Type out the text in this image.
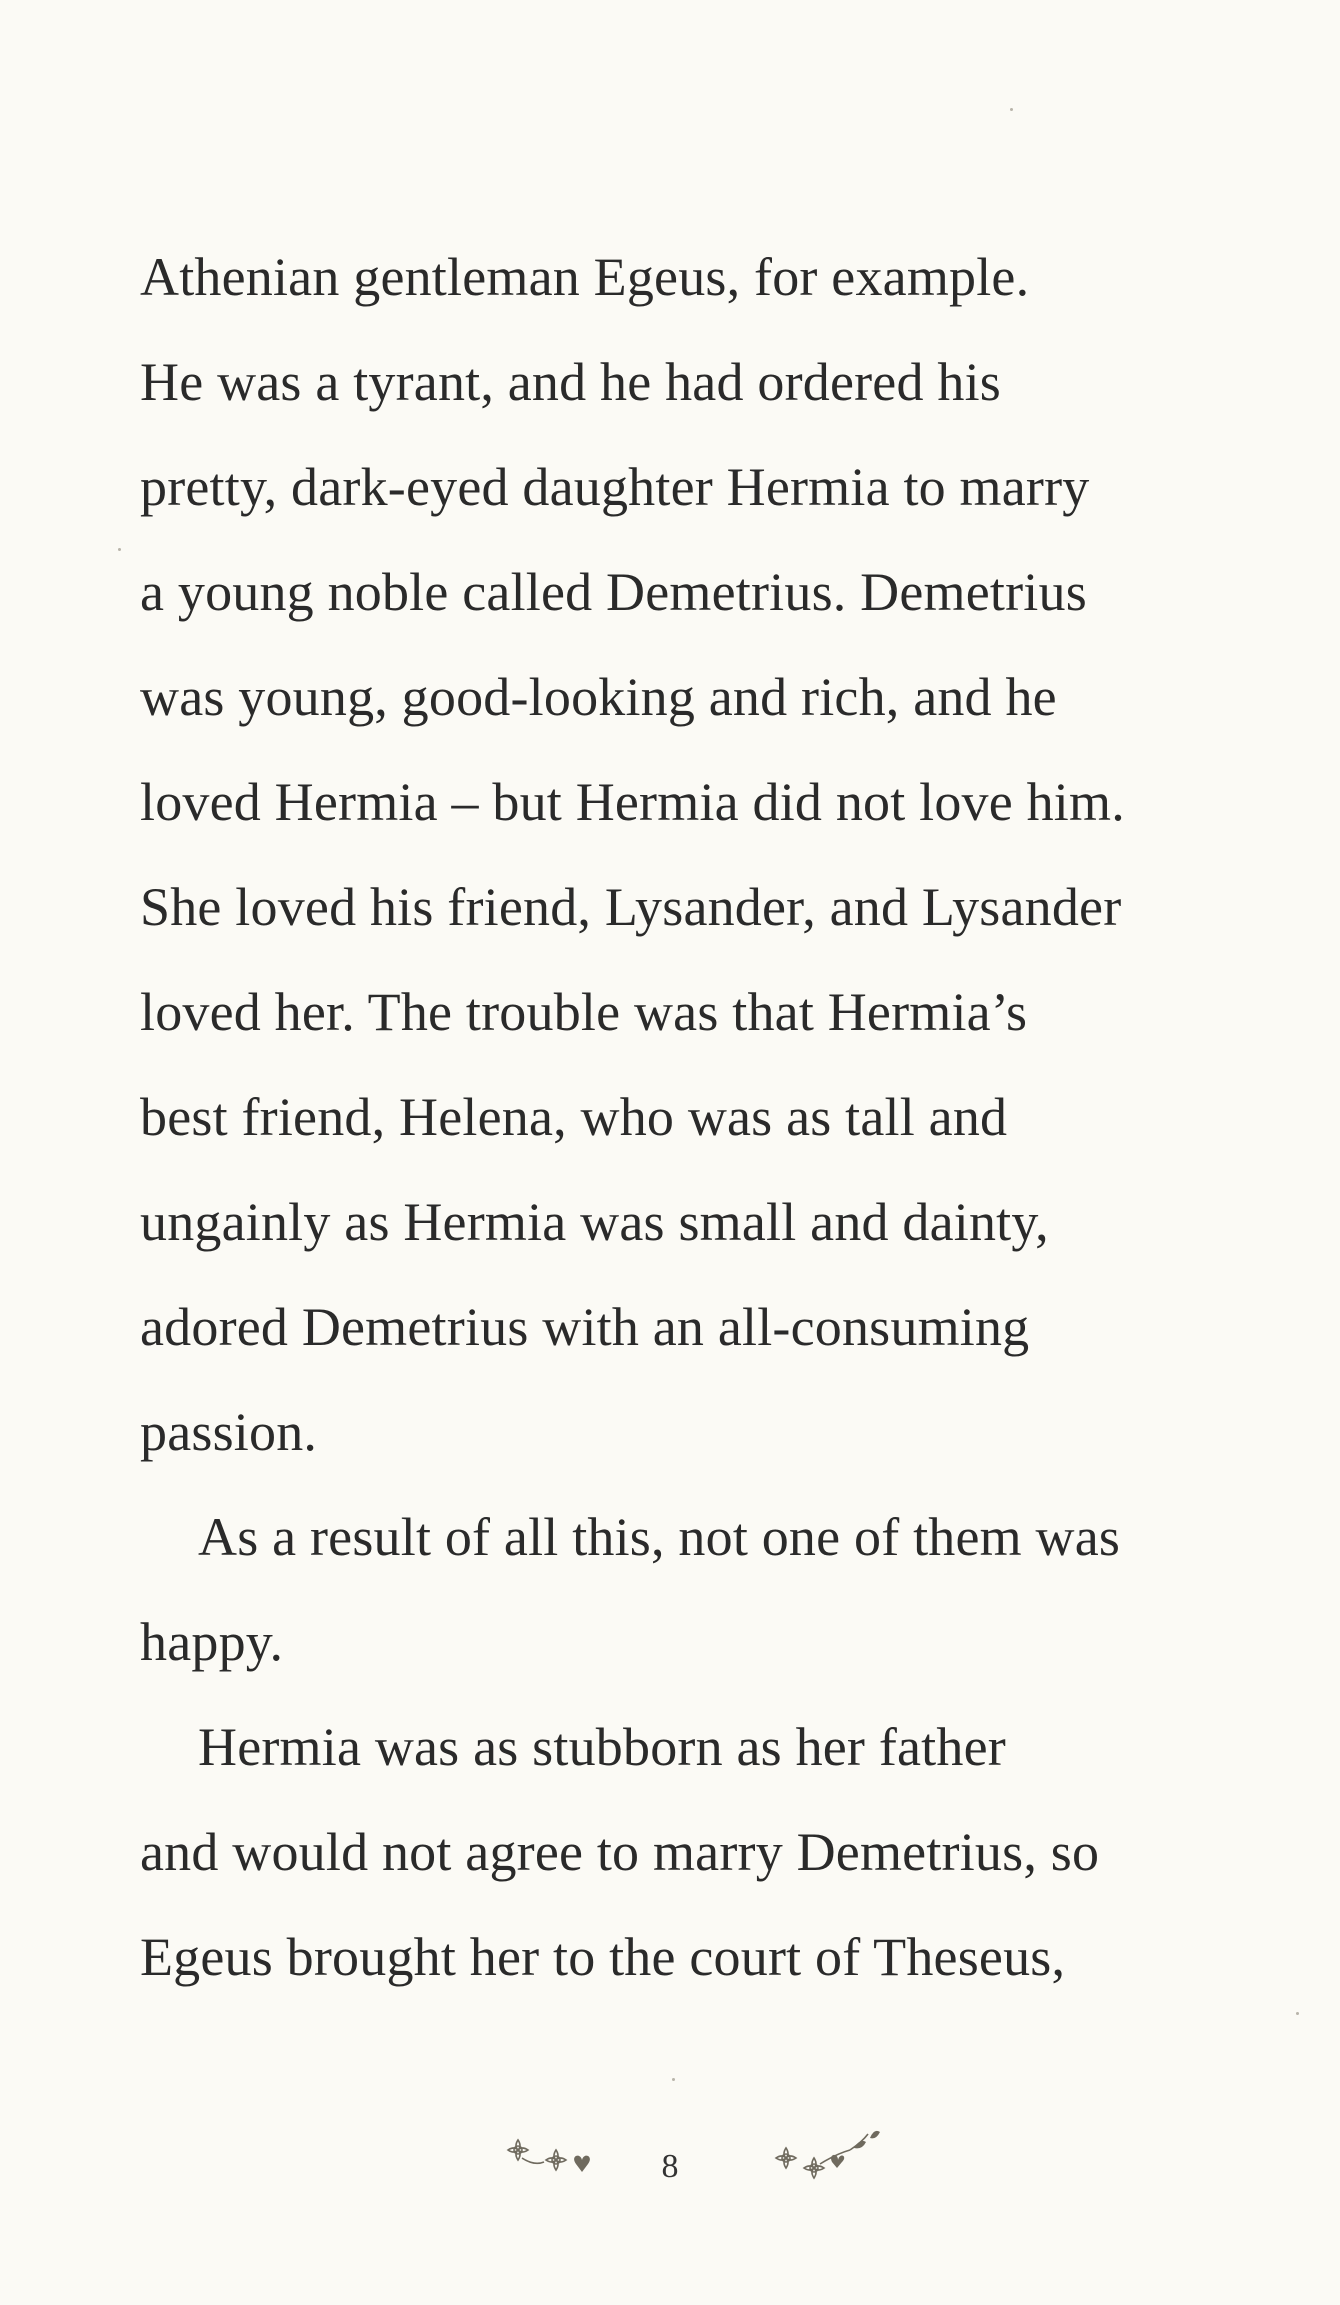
Athenian gentleman Egeus, for example.
He was a tyrant, and he had ordered his
pretty, dark-eyed daughter Hermia to marry
a young noble called Demetrius. Demetrius
was young, good-looking and rich, and he
loved Hermia – but Hermia did not love him.
She loved his friend, Lysander, and Lysander
loved her. The trouble was that Hermia’s
best friend, Helena, who was as tall and
ungainly as Hermia was small and dainty,
adored Demetrius with an all-consuming
passion.
As a result of all this, not one of them was
happy.
Hermia was as stubborn as her father
and would not agree to marry Demetrius, so
Egeus brought her to the court of Theseus,
8
